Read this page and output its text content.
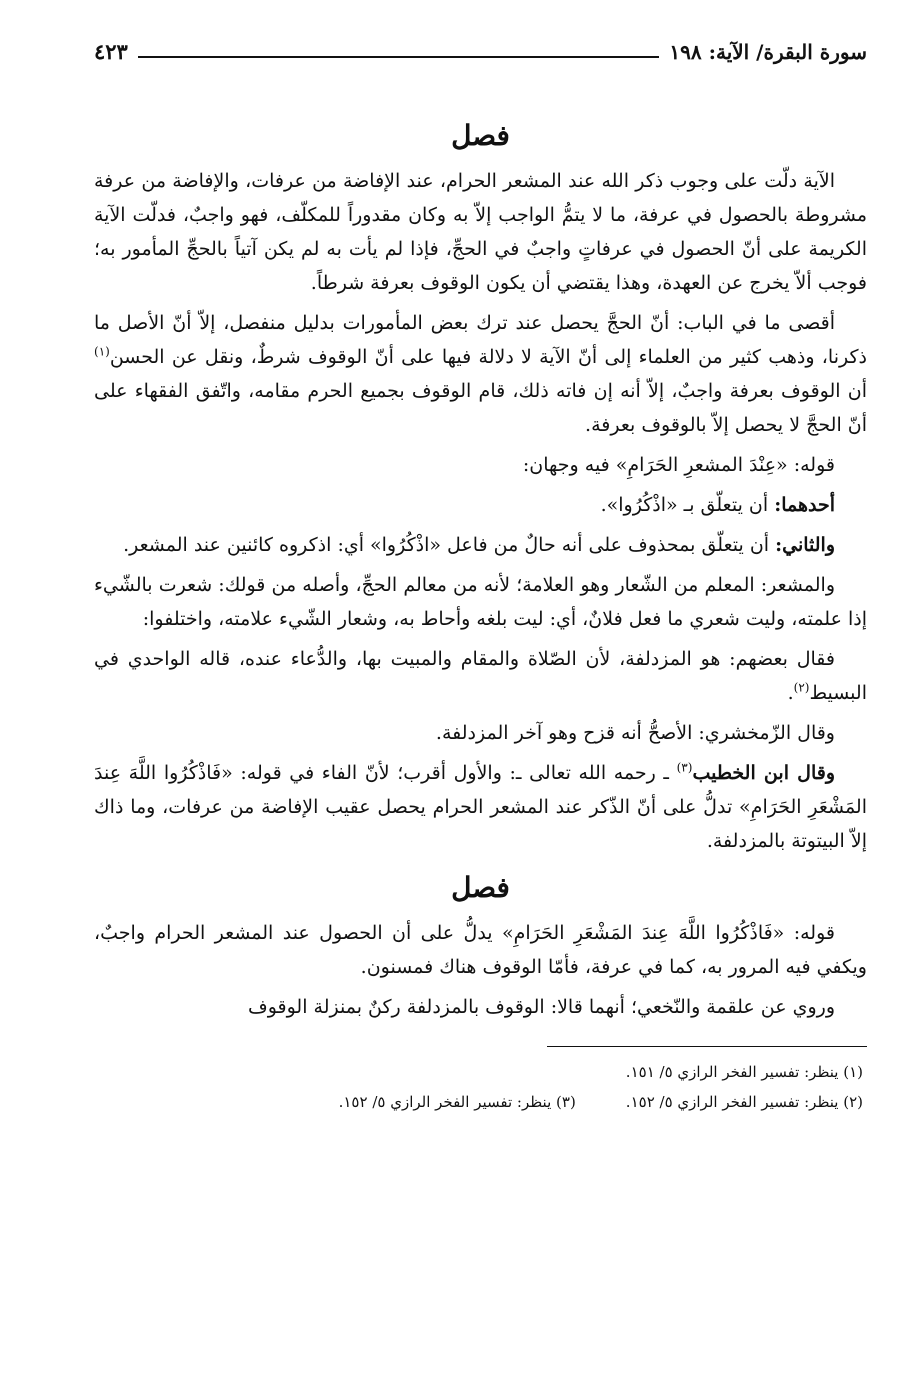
سورة البقرة/ الآية: ١٩٨
٤٢٣
فصل

الآية دلّت على وجوب ذكر الله عند المشعر الحرام، عند الإفاضة من عرفات، والإفاضة من عرفة مشروطة بالحصول في عرفة، ما لا يتمُّ الواجب إلاّ به وكان مقدوراً للمكلّف، فهو واجبٌ، فدلّت الآية الكريمة على أنّ الحصول في عرفاتٍ واجبٌ في الحجِّ، فإذا لم يأت به لم يكن آتياً بالحجِّ المأمور به؛ فوجب ألاّ يخرج عن العهدة، وهذا يقتضي أن يكون الوقوف بعرفة شرطاً.

أقصى ما في الباب: أنّ الحجَّ يحصل عند ترك بعض المأمورات بدليل منفصل، إلاّ أنّ الأصل ما ذكرنا، وذهب كثير من العلماء إلى أنّ الآية لا دلالة فيها على أنّ الوقوف شرطٌ، ونقل عن الحسن$^{(١)}$ أن الوقوف بعرفة واجبٌ، إلاّ أنه إن فاته ذلك، قام الوقوف بجميع الحرم مقامه، واتّفق الفقهاء على أنّ الحجَّ لا يحصل إلاّ بالوقوف بعرفة.

قوله: «عِنْدَ المشعرِ الحَرَامِ» فيه وجهان:

أحدهما: أن يتعلّق بـ «اذْكُرُوا».

والثاني: أن يتعلّق بمحذوف على أنه حالٌ من فاعل «اذْكُرُوا» أي: اذكروه كائنين عند المشعر.

والمشعر: المعلم من الشّعار وهو العلامة؛ لأنه من معالم الحجِّ، وأصله من قولك: شعرت بالشّيء إذا علمته، وليت شعري ما فعل فلانٌ، أي: ليت بلغه وأحاط به، وشعار الشّيء علامته، واختلفوا:

فقال بعضهم: هو المزدلفة، لأن الصّلاة والمقام والمبيت بها، والدُّعاء عنده، قاله الواحدي في البسيط$^{(٢)}$.

وقال الزّمخشري: الأصحُّ أنه قزح وهو آخر المزدلفة.

وقال ابن الخطيب$^{(٣)}$ ـ رحمه الله تعالى ـ: والأول أقرب؛ لأنّ الفاء في قوله: «فَاذْكُرُوا اللَّهَ عِندَ المَشْعَرِ الحَرَامِ» تدلُّ على أنّ الذّكر عند المشعر الحرام يحصل عقيب الإفاضة من عرفات، وما ذاك إلاّ البيتوتة بالمزدلفة.

فصل

قوله: «فَاذْكُرُوا اللَّهَ عِندَ المَشْعَرِ الحَرَامِ» يدلُّ على أن الحصول عند المشعر الحرام واجبٌ، ويكفي فيه المرور به، كما في عرفة، فأمّا الوقوف هناك فمسنون.

وروي عن علقمة والنّخعي؛ أنهما قالا: الوقوف بالمزدلفة ركنٌ بمنزلة الوقوف

(١) ينظر: تفسير الفخر الرازي ٥/ ١٥١.
(٢) ينظر: تفسير الفخر الرازي ٥/ ١٥٢.
(٣) ينظر: تفسير الفخر الرازي ٥/ ١٥٢.
